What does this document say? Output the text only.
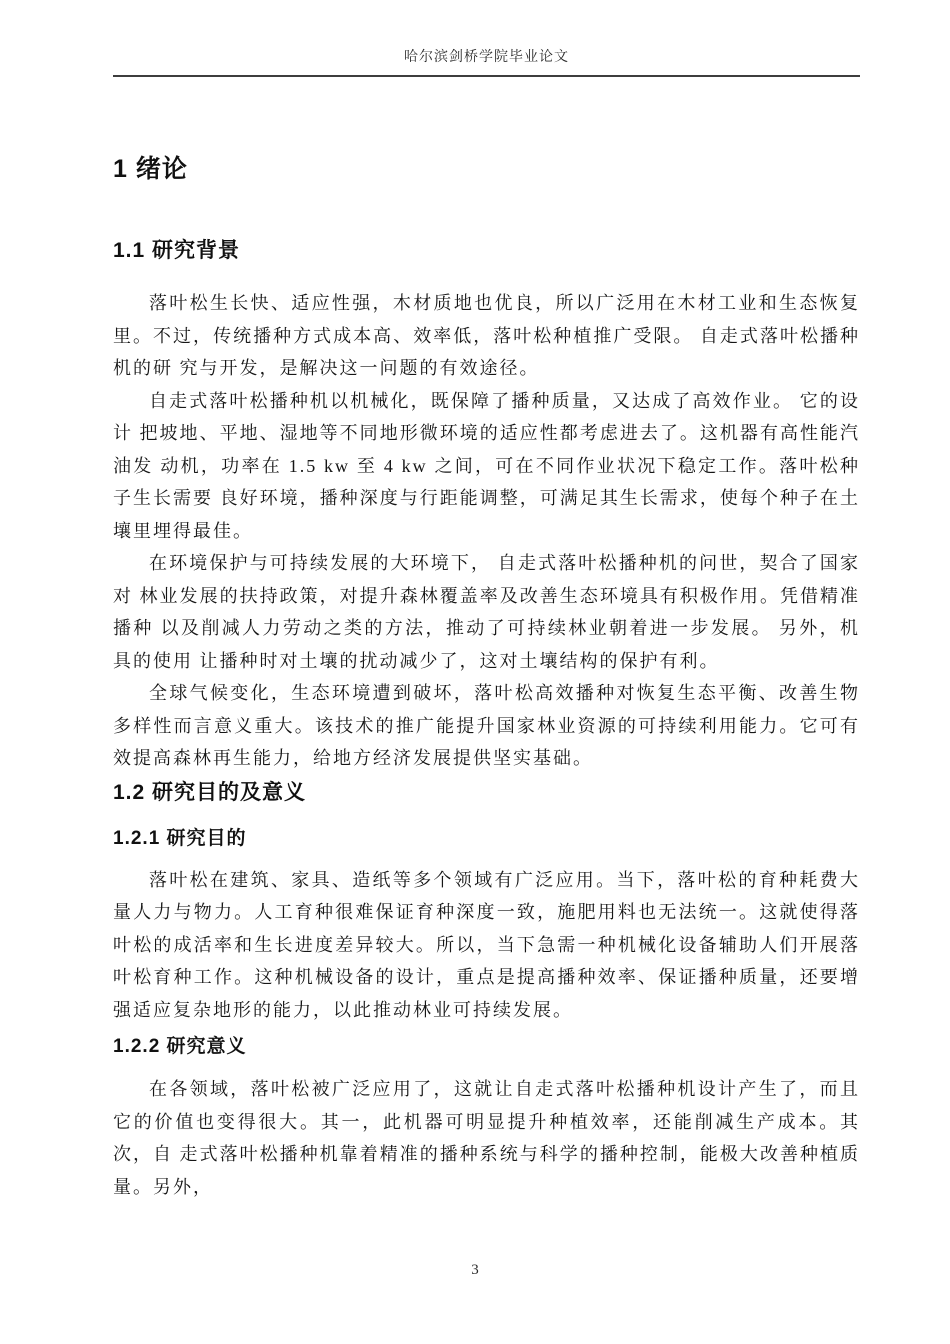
哈尔滨剑桥学院毕业论文
1 绪论
1.1 研究背景

落叶松生长快、适应性强，木材质地也优良，所以广泛用在木材工业和生态恢复里。不过，传统播种方式成本高、效率低，落叶松种植推广受限。 自走式落叶松播种机的研 究与开发，是解决这一问题的有效途径。

自走式落叶松播种机以机械化，既保障了播种质量，又达成了高效作业。 它的设计 把坡地、平地、湿地等不同地形微环境的适应性都考虑进去了。这机器有高性能汽油发 动机，功率在 1.5 kw 至 4 kw 之间，可在不同作业状况下稳定工作。落叶松种子生长需要 良好环境，播种深度与行距能调整，可满足其生长需求，使每个种子在土壤里埋得最佳。

在环境保护与可持续发展的大环境下， 自走式落叶松播种机的问世，契合了国家对 林业发展的扶持政策，对提升森林覆盖率及改善生态环境具有积极作用。凭借精准播种 以及削减人力劳动之类的方法，推动了可持续林业朝着进一步发展。 另外，机具的使用 让播种时对土壤的扰动减少了，这对土壤结构的保护有利。

全球气候变化，生态环境遭到破坏，落叶松高效播种对恢复生态平衡、改善生物多样性而言意义重大。该技术的推广能提升国家林业资源的可持续利用能力。它可有效提高森林再生能力，给地方经济发展提供坚实基础。

1.2 研究目的及意义
1.2.1 研究目的

落叶松在建筑、家具、造纸等多个领域有广泛应用。当下，落叶松的育种耗费大量人力与物力。人工育种很难保证育种深度一致，施肥用料也无法统一。这就使得落叶松的成活率和生长进度差异较大。所以，当下急需一种机械化设备辅助人们开展落叶松育种工作。这种机械设备的设计，重点是提高播种效率、保证播种质量，还要增强适应复杂地形的能力，以此推动林业可持续发展。

1.2.2 研究意义

在各领域，落叶松被广泛应用了，这就让自走式落叶松播种机设计产生了，而且它的价值也变得很大。其一，此机器可明显提升种植效率，还能削减生产成本。其次，自 走式落叶松播种机靠着精准的播种系统与科学的播种控制，能极大改善种植质量。另外，

3
